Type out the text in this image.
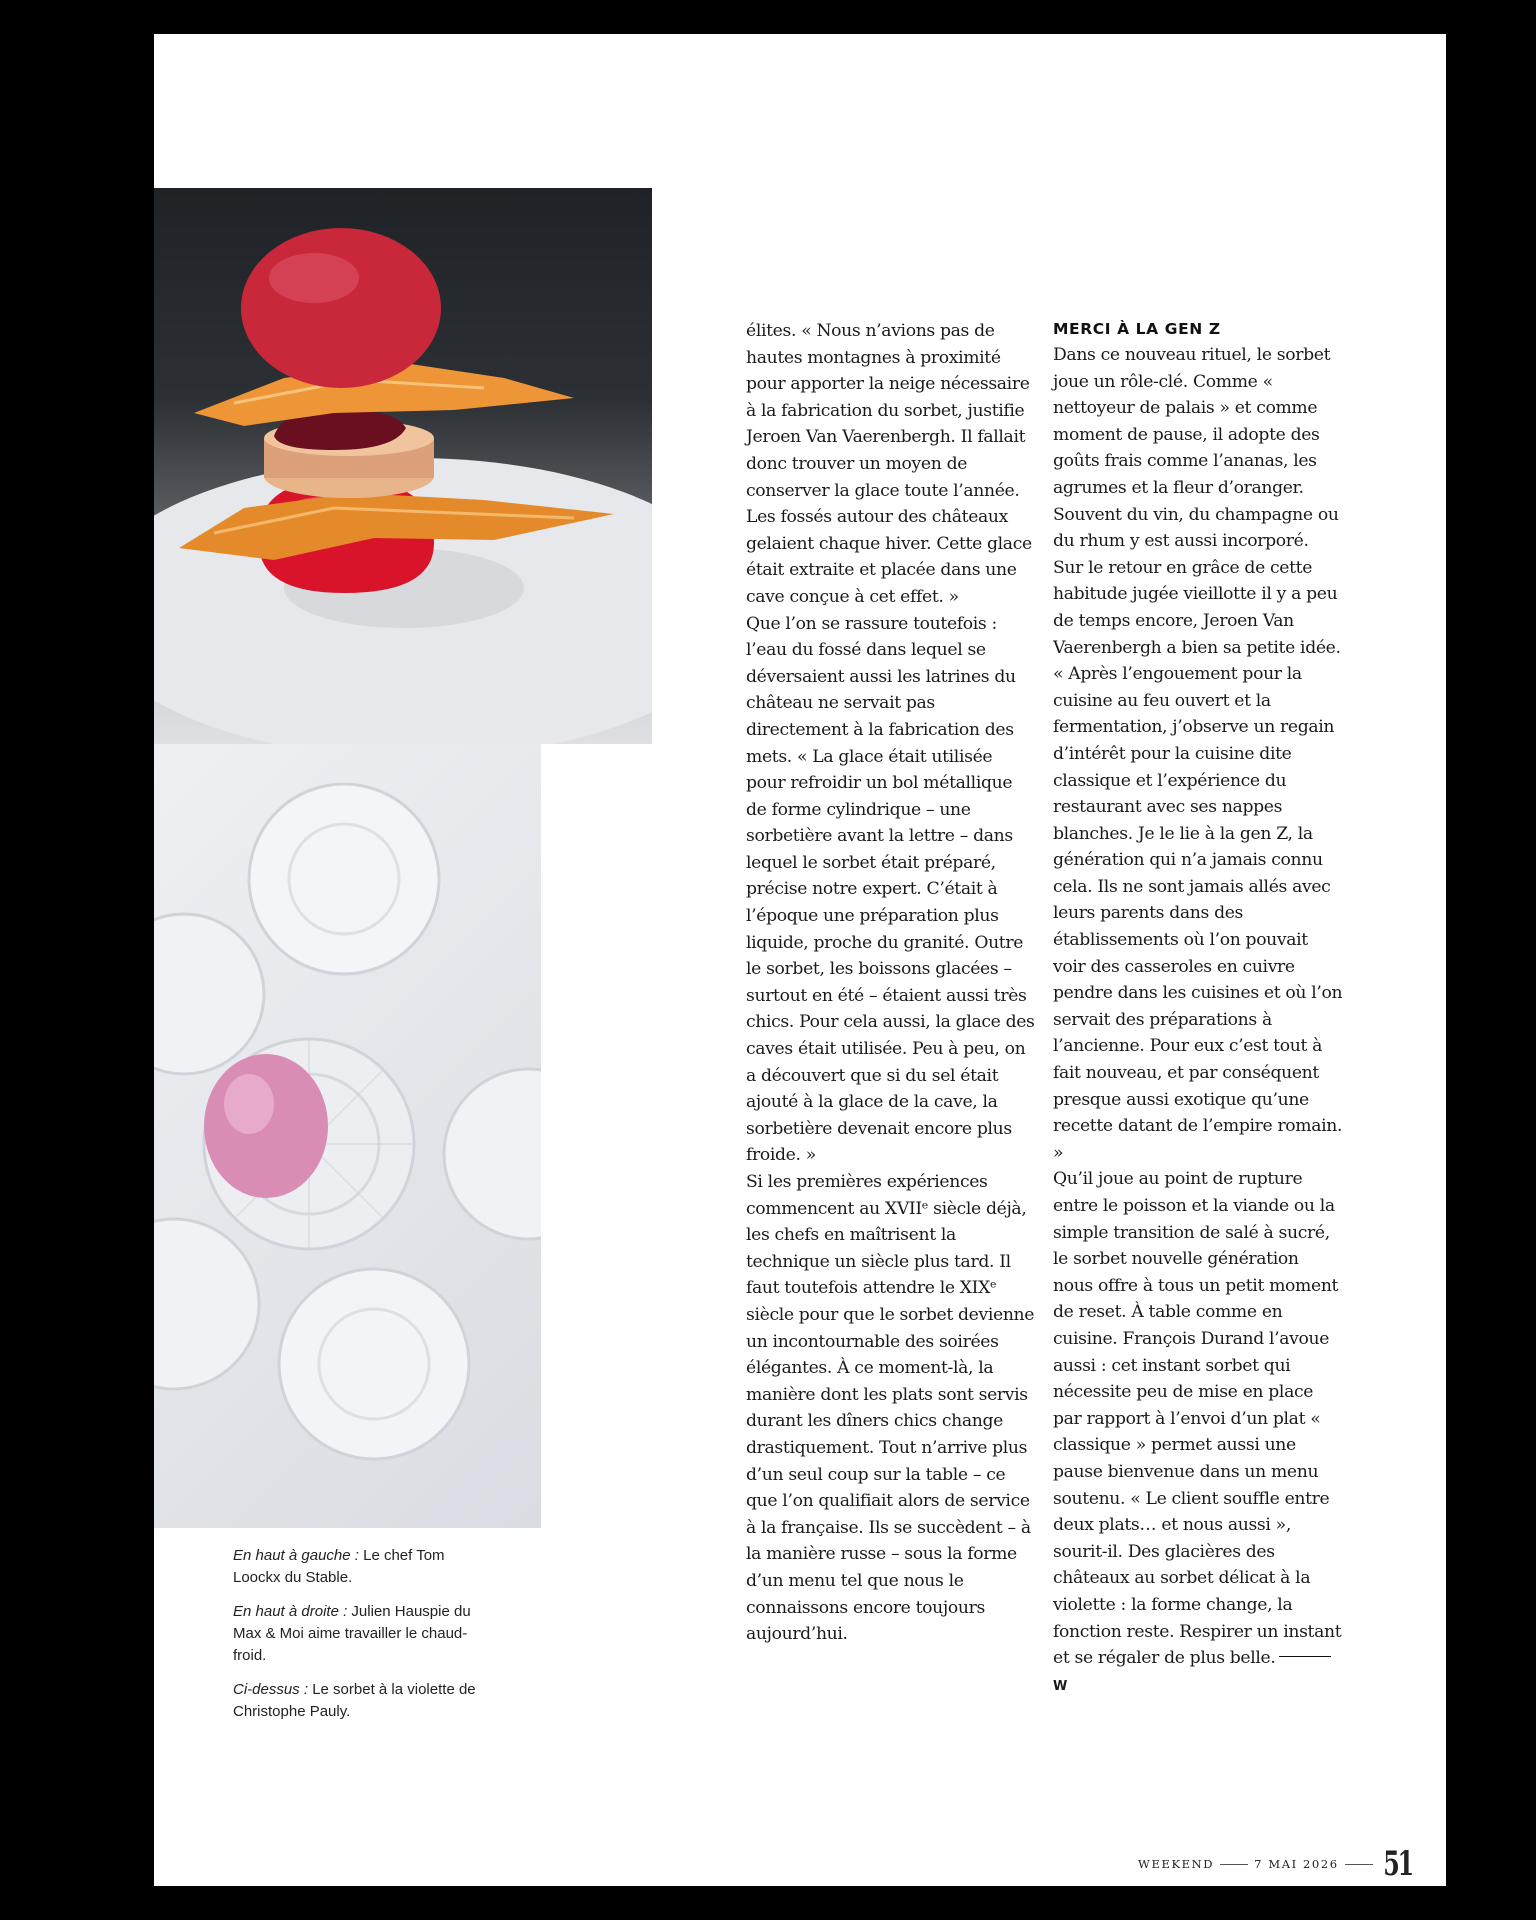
En haut à gauche : Le chef Tom Loockx du Stable.

En haut à droite : Julien Hauspie du Max & Moi aime travailler le chaud-froid.

Ci-dessus : Le sorbet à la violette de Christophe Pauly.

élites. « Nous n’avions pas de hautes montagnes à proximité pour apporter la neige nécessaire à la fabrication du sorbet, justifie Jeroen Van Vaerenbergh. Il fallait donc trouver un moyen de conserver la glace toute l’année. Les fossés autour des châteaux gelaient chaque hiver. Cette glace était extraite et placée dans une cave conçue à cet effet. »

Que l’on se rassure toutefois : l’eau du fossé dans lequel se déversaient aussi les latrines du château ne servait pas directement à la fabrication des mets. « La glace était utilisée pour refroidir un bol métallique de forme cylindrique – une sorbetière avant la lettre – dans lequel le sorbet était préparé, précise notre expert. C’était à l’époque une préparation plus liquide, proche du granité. Outre le sorbet, les boissons glacées – surtout en été – étaient aussi très chics. Pour cela aussi, la glace des caves était utilisée. Peu à peu, on a découvert que si du sel était ajouté à la glace de la cave, la sorbetière devenait encore plus froide. »

Si les premières expériences commencent au XVIIᵉ siècle déjà, les chefs en maîtrisent la technique un siècle plus tard. Il faut toutefois attendre le XIXᵉ siècle pour que le sorbet devienne un incontournable des soirées élégantes. À ce moment-là, la manière dont les plats sont servis durant les dîners chics change drastiquement. Tout n’arrive plus d’un seul coup sur la table – ce que l’on qualifiait alors de service à la française. Ils se succèdent – à la manière russe – sous la forme d’un menu tel que nous le connaissons encore toujours aujourd’hui.

MERCI À LA GEN Z

Dans ce nouveau rituel, le sorbet joue un rôle-clé. Comme « nettoyeur de palais » et comme moment de pause, il adopte des goûts frais comme l’ananas, les agrumes et la fleur d’oranger. Souvent du vin, du champagne ou du rhum y est aussi incorporé. Sur le retour en grâce de cette habitude jugée vieillotte il y a peu de temps encore, Jeroen Van Vaerenbergh a bien sa petite idée. « Après l’engouement pour la cuisine au feu ouvert et la fermentation, j’observe un regain d’intérêt pour la cuisine dite classique et l’expérience du restaurant avec ses nappes blanches. Je le lie à la gen Z, la génération qui n’a jamais connu cela. Ils ne sont jamais allés avec leurs parents dans des établissements où l’on pouvait voir des casseroles en cuivre pendre dans les cuisines et où l’on servait des préparations à l’ancienne. Pour eux c’est tout à fait nouveau, et par conséquent presque aussi exotique qu’une recette datant de l’empire romain. »

Qu’il joue au point de rupture entre le poisson et la viande ou la simple transition de salé à sucré, le sorbet nouvelle génération nous offre à tous un petit moment de reset. À table comme en cuisine. François Durand l’avoue aussi : cet instant sorbet qui nécessite peu de mise en place par rapport à l’envoi d’un plat « classique » permet aussi une pause bienvenue dans un menu soutenu. « Le client souffle entre deux plats… et nous aussi », sourit-il. Des glacières des châteaux au sorbet délicat à la violette : la forme change, la fonction reste. Respirer un instant et se régaler de plus belle.W

WEEKEND	7 MAI 2026 51
